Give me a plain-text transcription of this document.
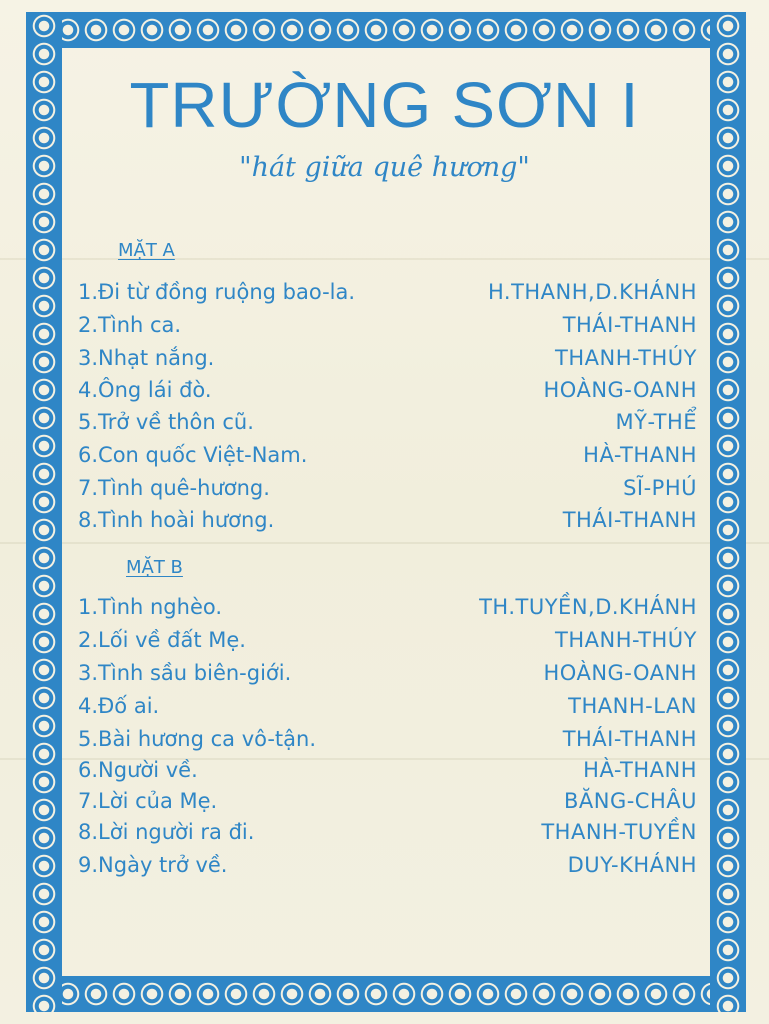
TRƯỜNG SƠN I
"hát giữa quê hương"
MẶT A
1.Đi từ đồng ruộng bao-la.	H.THANH,D.KHÁNH
2.Tình ca.	THÁI-THANH
3.Nhạt nắng.	THANH-THÚY
4.Ông lái đò.	HOÀNG-OANH
5.Trở về thôn cũ.	MỸ-THỂ
6.Con quốc Việt-Nam.	HÀ-THANH
7.Tình quê-hương.	SĨ-PHÚ
8.Tình hoài hương.	THÁI-THANH
MẶT B
1.Tình nghèo.	TH.TUYỀN,D.KHÁNH
2.Lối về đất Mẹ.	THANH-THÚY
3.Tình sầu biên-giới.	HOÀNG-OANH
4.Đố ai.	THANH-LAN
5.Bài hương ca vô-tận.	THÁI-THANH
6.Người về.	HÀ-THANH
7.Lời của Mẹ.	BĂNG-CHÂU
8.Lời người ra đi.	THANH-TUYỀN
9.Ngày trở về.	DUY-KHÁNH
